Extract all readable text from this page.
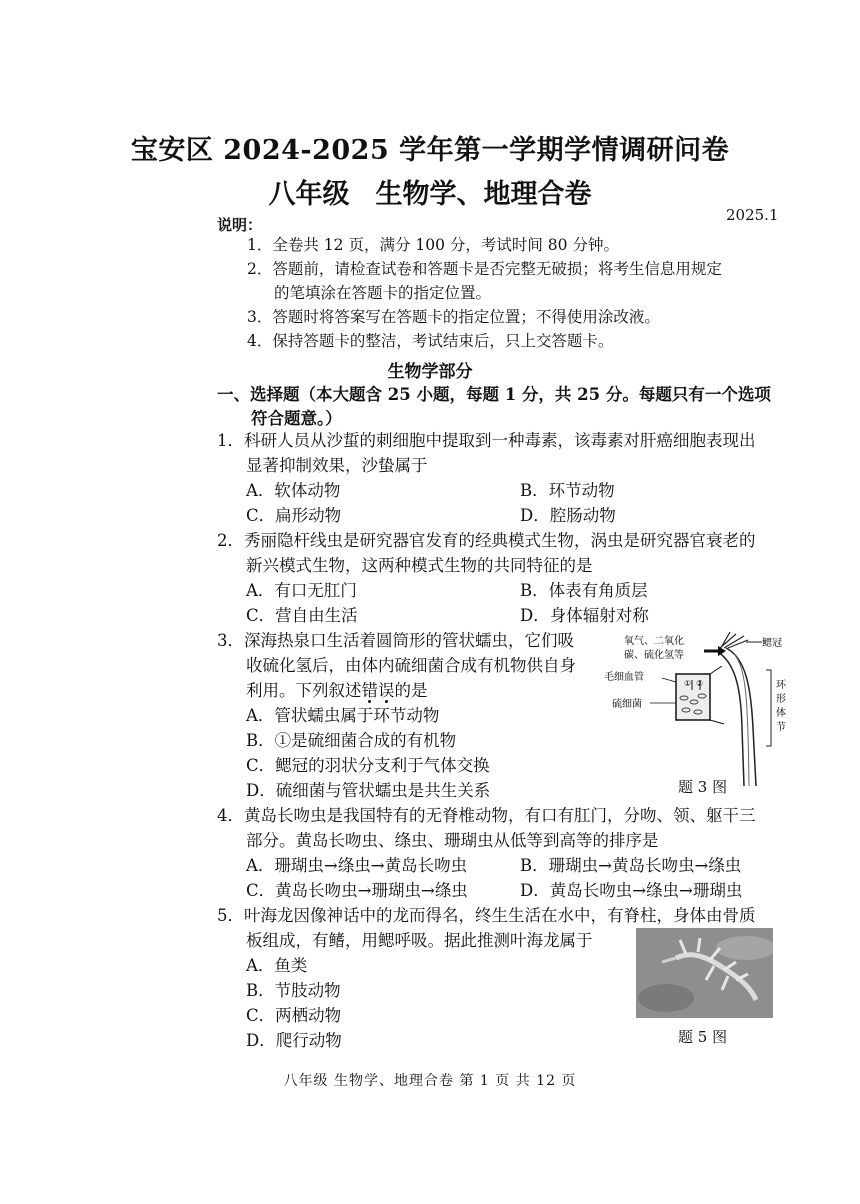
宝安区 2024-2025 学年第一学期学情调研问卷
八年级 生物学、地理合卷
2025.1
说明：
1．全卷共 12 页，满分 100 分，考试时间 80 分钟。
2．答题前，请检查试卷和答题卡是否完整无破损；将考生信息用规定
的笔填涂在答题卡的指定位置。
3．答题时将答案写在答题卡的指定位置；不得使用涂改液。
4．保持答题卡的整洁，考试结束后，只上交答题卡。
生物学部分
一、选择题（本大题含 25 小题，每题 1 分，共 25 分。每题只有一个选项
符合题意。）
1．科研人员从沙蜇的刺细胞中提取到一种毒素，该毒素对肝癌细胞表现出
显著抑制效果，沙蛰属于
A．软体动物	B．环节动物
C．扁形动物	D．腔肠动物
2．秀丽隐杆线虫是研究器官发育的经典模式生物，涡虫是研究器官衰老的
新兴模式生物，这两种模式生物的共同特征的是
A．有口无肛门	B．体表有角质层
C．营自由生活	D．身体辐射对称
3．深海热泉口生活着圆筒形的管状蠕虫，它们吸
收硫化氢后，由体内硫细菌合成有机物供自身
利用。下列叙述错误的是
A．管状蠕虫属于环节动物
B．①是硫细菌合成的有机物
C．鳃冠的羽状分支利于气体交换
D．硫细菌与管状蠕虫是共生关系
① ②
氧气、二氧化
碳、硫化氢等
鳃冠
毛细血管
硫细菌
环
形
体
节
题 3 图
4．黄岛长吻虫是我国特有的无脊椎动物，有口有肛门，分吻、领、躯干三
部分。黄岛长吻虫、绦虫、珊瑚虫从低等到高等的排序是
A．珊瑚虫→绦虫→黄岛长吻虫	B．珊瑚虫→黄岛长吻虫→绦虫
C．黄岛长吻虫→珊瑚虫→绦虫	D．黄岛长吻虫→绦虫→珊瑚虫
5．叶海龙因像神话中的龙而得名，终生生活在水中，有脊柱，身体由骨质
板组成，有鳍，用鳃呼吸。据此推测叶海龙属于
A．鱼类
B．节肢动物
C．两栖动物
D．爬行动物	题 5 图
八年级 生物学、地理合卷 第 1 页 共 12 页
